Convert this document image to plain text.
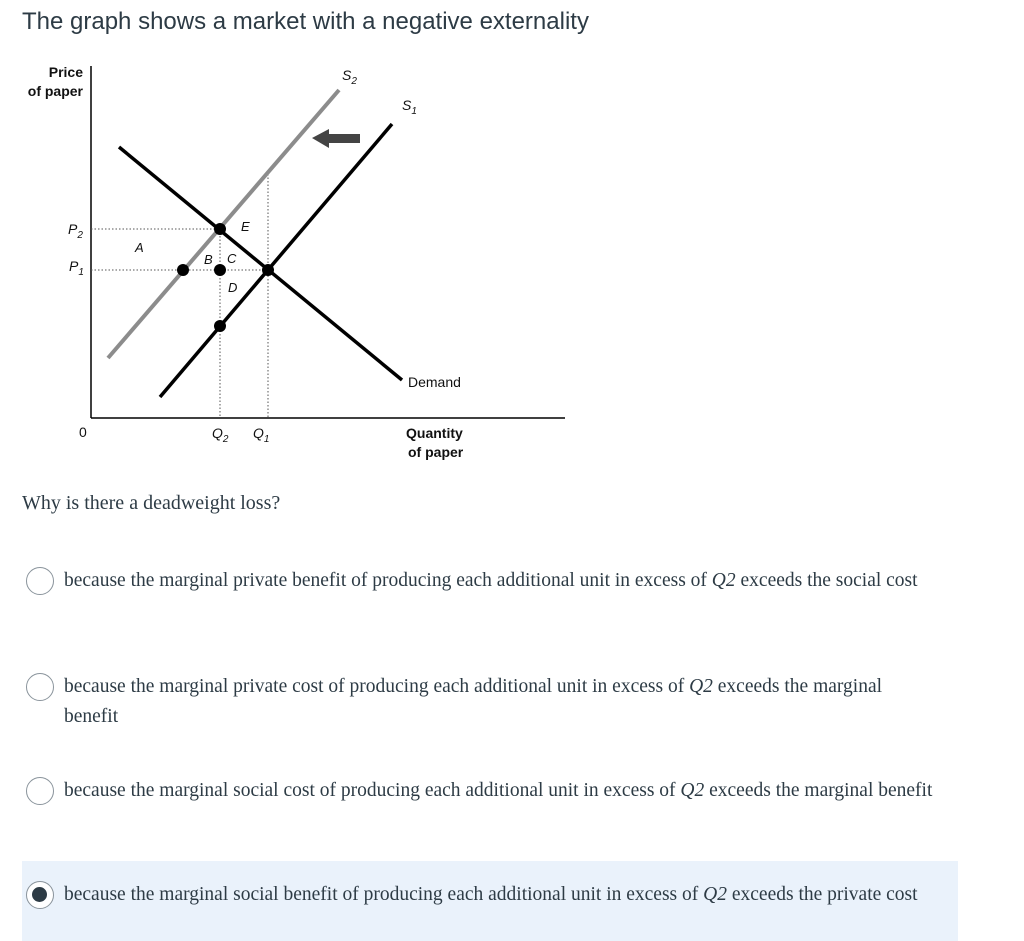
The graph shows a market with a negative externality
Price
of paper
Quantity
of paper
0
$P_2$
$P_1$
$Q_2$ $Q_1$
$S_2$
$S_1$
Demand
A
B C
D
E
Why is there a deadweight loss?
because the marginal private benefit of producing each additional unit in excess of Q2 exceeds the social cost
because the marginal private cost of producing each additional unit in excess of Q2 exceeds the marginal benefit
because the marginal social cost of producing each additional unit in excess of Q2 exceeds the marginal benefit
because the marginal social benefit of producing each additional unit in excess of Q2 exceeds the private cost
